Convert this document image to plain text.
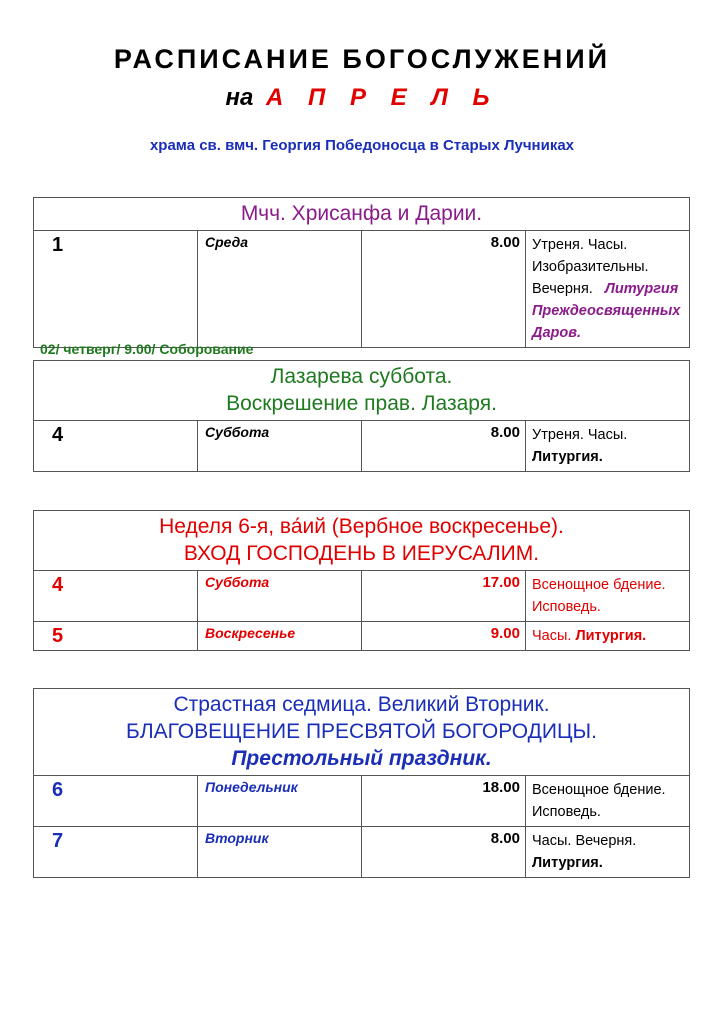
РАСПИСАНИЕ БОГОСЛУЖЕНИЙ
на А П Р Е Л Ь
храма св. вмч. Георгия Победоносца в Старых Лучниках
Мчч. Хрисанфа и Дарии.
1	Среда	8.00	Утреня. Часы. Изобразительны.
Вечерня. Литургия
Преждеосвященных Даров.
02/ четверг/ 9.00/ Соборование
Лазарева суббота.
Воскрешение прав. Лазаря.
4	Суббота	8.00	Утреня. Часы. Литургия.
Неделя 6-я, ва́ий (Вербное воскресенье).
ВХОД ГОСПОДЕНЬ В ИЕРУСАЛИМ.			
4	Суббота	17.00	Всенощное бдение. Исповедь.
5	Воскресенье	9.00	Часы. Литургия.
Страстная седмица. Великий Вторник.
БЛАГОВЕЩЕНИЕ ПРЕСВЯТОЙ БОГОРОДИЦЫ.
Престольный праздник.			
6	Понедельник	18.00	Всенощное бдение. Исповедь.
7	Вторник	8.00	Часы. Вечерня. Литургия.
